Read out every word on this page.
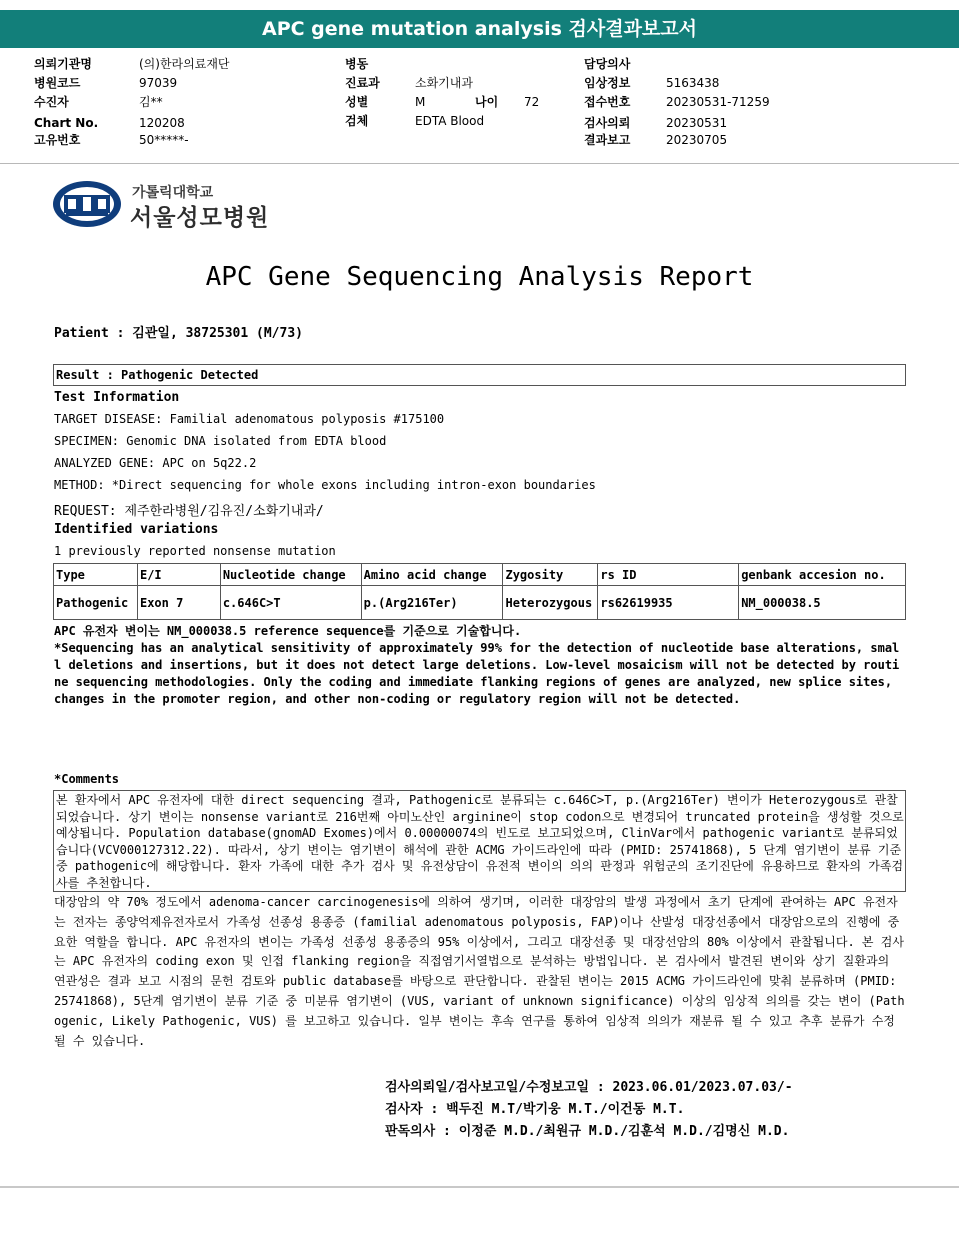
APC gene mutation analysis 검사결과보고서
의뢰기관명	(의)한라의료재단
병원코드	97039
수진자	김**
Chart No.	120208
고유번호	50*****-
병동
진료과	소화기내과
성별	M	나이 72
검체	EDTA Blood
담당의사
임상정보	5163438
접수번호	20230531-71259
검사의뢰	20230531
결과보고	20230705
가톨릭대학교
서울성모병원
APC Gene Sequencing Analysis Report
Patient : 김관일, 38725301 (M/73)
Result : Pathogenic Detected
Test Information
TARGET DISEASE: Familial adenomatous polyposis #175100
SPECIMEN: Genomic DNA isolated from EDTA blood
ANALYZED GENE: APC on 5q22.2
METHOD: *Direct sequencing for whole exons including intron-exon boundaries
REQUEST: 제주한라병원/김유진/소화기내과/
Identified variations
1 previously reported nonsense mutation
Type	E/I	Nucleotide change	Amino acid change	Zygosity	rs ID	genbank accesion no.
Pathogenic	Exon 7	c.646C>T	p.(Arg216Ter)	Heterozygous	rs62619935	NM_000038.5
APC 유전자 변이는 NM_000038.5 reference sequence를 기준으로 기술합니다.
*Sequencing has an analytical sensitivity of approximately 99% for the detection of nucleotide base alterations, small deletions and insertions, but it does not detect large deletions. Low-level mosaicism will not be detected by routine sequencing methodologies. Only the coding and immediate flanking regions of genes are analyzed, new splice sites, changes in the promoter region, and other non-coding or regulatory region will not be detected.
*Comments

본 환자에서 APC 유전자에 대한 direct sequencing 결과, Pathogenic로 분류되는 c.646C>T, p.(Arg216Ter) 변이가 Heterozygous로 관찰되었습니다. 상기 변이는 nonsense variant로 216번째 아미노산인 arginine이 stop codon으로 변경되어 truncated protein을 생성할 것으로 예상됩니다. Population database(gnomAD Exomes)에서 0.00000074의 빈도로 보고되었으며, ClinVar에서 pathogenic variant로 분류되었습니다(VCV000127312.22). 따라서, 상기 변이는 염기변이 해석에 관한 ACMG 가이드라인에 따라 (PMID: 25741868), 5 단계 염기변이 분류 기준 중 pathogenic에 해당합니다. 환자 가족에 대한 추가 검사 및 유전상담이 유전적 변이의 의의 판정과 위험군의 조기진단에 유용하므로 환자의 가족검사를 추천합니다.

대장암의 약 70% 정도에서 adenoma-cancer carcinogenesis에 의하여 생기며, 이러한 대장암의 발생 과정에서 초기 단계에 관여하는 APC 유전자는 전자는 종양억제유전자로서 가족성 선종성 용종증 (familial adenomatous polyposis, FAP)이나 산발성 대장선종에서 대장암으로의 진행에 중요한 역할을 합니다. APC 유전자의 변이는 가족성 선종성 용종증의 95% 이상에서, 그리고 대장선종 및 대장선암의 80% 이상에서 관찰됩니다. 본 검사는 APC 유전자의 coding exon 및 인접 flanking region을 직접염기서열법으로 분석하는 방법입니다. 본 검사에서 발견된 변이와 상기 질환과의 연관성은 결과 보고 시점의 문헌 검토와 public database를 바탕으로 판단합니다. 관찰된 변이는 2015 ACMG 가이드라인에 맞춰 분류하며 (PMID: 25741868), 5단계 염기변이 분류 기준 중 미분류 염기변이 (VUS, variant of unknown significance) 이상의 임상적 의의를 갖는 변이 (Pathogenic, Likely Pathogenic, VUS) 를 보고하고 있습니다. 일부 변이는 후속 연구를 통하여 임상적 의의가 재분류 될 수 있고 추후 분류가 수정될 수 있습니다.
검사의뢰일/검사보고일/수정보고일 : 2023.06.01/2023.07.03/-
검사자 : 백두진 M.T/박기웅 M.T./이건동 M.T.
판독의사 : 이정준 M.D./최원규 M.D./김훈석 M.D./김명신 M.D.
